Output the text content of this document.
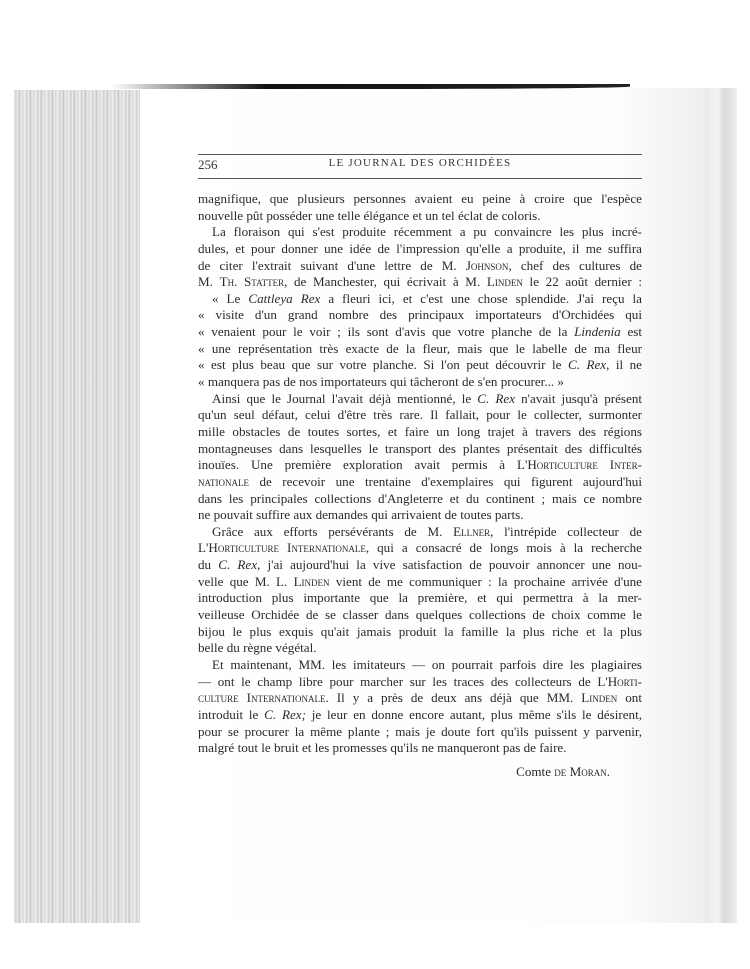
256	LE JOURNAL DES ORCHIDÉES
magnifique, que plusieurs personnes avaient eu peine à croire que l'espèce
nouvelle pût posséder une telle élégance et un tel éclat de coloris.
La floraison qui s'est produite récemment a pu convaincre les plus incré-
dules, et pour donner une idée de l'impression qu'elle a produite, il me suffira
de citer l'extrait suivant d'une lettre de M. Johnson, chef des cultures de
M. Th. Statter, de Manchester, qui écrivait à M. Linden le 22 août dernier :
« Le Cattleya Rex a fleuri ici, et c'est une chose splendide. J'ai reçu la
« visite d'un grand nombre des principaux importateurs d'Orchidées qui
« venaient pour le voir ; ils sont d'avis que votre planche de la Lindenia est
« une représentation très exacte de la fleur, mais que le labelle de ma fleur
« est plus beau que sur votre planche. Si l'on peut découvrir le C. Rex, il ne
« manquera pas de nos importateurs qui tâcheront de s'en procurer... »
Ainsi que le Journal l'avait déjà mentionné, le C. Rex n'avait jusqu'à présent
qu'un seul défaut, celui d'être très rare. Il fallait, pour le collecter, surmonter
mille obstacles de toutes sortes, et faire un long trajet à travers des régions
montagneuses dans lesquelles le transport des plantes présentait des difficultés
inouïes. Une première exploration avait permis à L'Horticulture Inter-
nationale de recevoir une trentaine d'exemplaires qui figurent aujourd'hui
dans les principales collections d'Angleterre et du continent ; mais ce nombre
ne pouvait suffire aux demandes qui arrivaient de toutes parts.
Grâce aux efforts persévérants de M. Ellner, l'intrépide collecteur de
L'Horticulture Internationale, qui a consacré de longs mois à la recherche
du C. Rex, j'ai aujourd'hui la vive satisfaction de pouvoir annoncer une nou-
velle que M. L. Linden vient de me communiquer : la prochaine arrivée d'une
introduction plus importante que la première, et qui permettra à la mer-
veilleuse Orchidée de se classer dans quelques collections de choix comme le
bijou le plus exquis qu'ait jamais produit la famille la plus riche et la plus
belle du règne végétal.
Et maintenant, MM. les imitateurs — on pourrait parfois dire les plagiaires
— ont le champ libre pour marcher sur les traces des collecteurs de L'Horti-
culture Internationale. Il y a près de deux ans déjà que MM. Linden ont
introduit le C. Rex; je leur en donne encore autant, plus même s'ils le désirent,
pour se procurer la même plante ; mais je doute fort qu'ils puissent y parvenir,
malgré tout le bruit et les promesses qu'ils ne manqueront pas de faire.
Comte de Moran.
